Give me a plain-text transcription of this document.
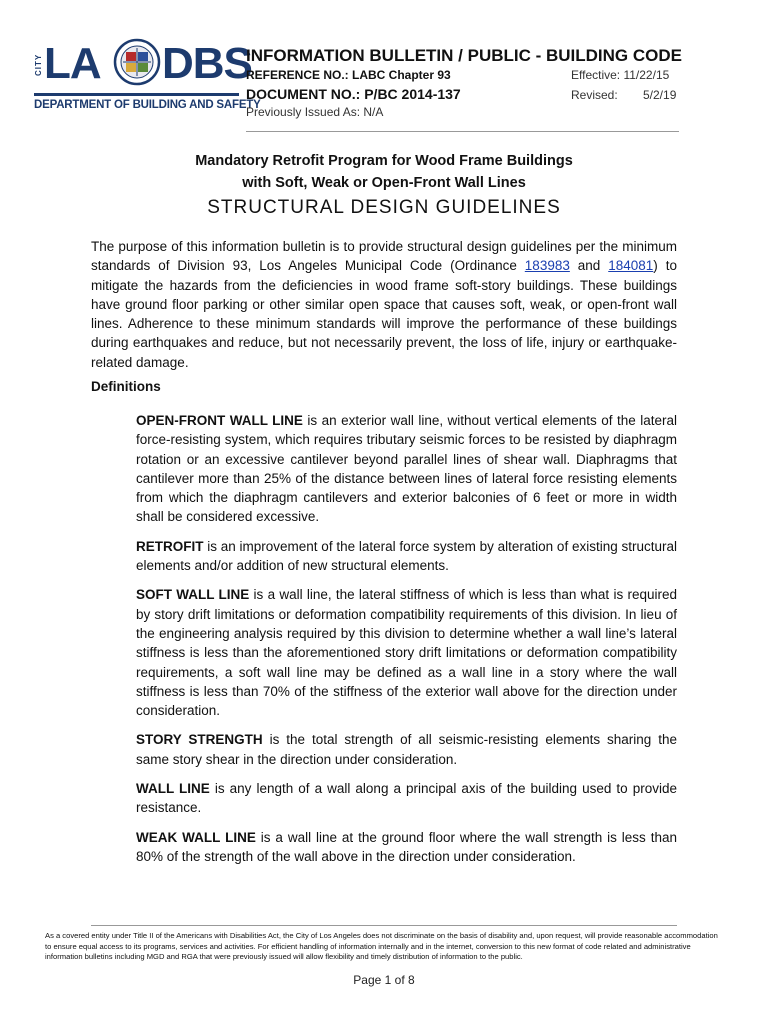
CITY LA DBS
DEPARTMENT OF BUILDING AND SAFETY
INFORMATION BULLETIN / PUBLIC - BUILDING CODE
REFERENCE NO.: LABC Chapter 93
DOCUMENT NO.: P/BC 2014-137
Previously Issued As: N/A
Effective: 11/22/15
Revised: 5/2/19
Mandatory Retrofit Program for Wood Frame Buildings
with Soft, Weak or Open-Front Wall Lines
STRUCTURAL DESIGN GUIDELINES
The purpose of this information bulletin is to provide structural design guidelines per the minimum standards of Division 93, Los Angeles Municipal Code (Ordinance 183983 and 184081) to mitigate the hazards from the deficiencies in wood frame soft-story buildings. These buildings have ground floor parking or other similar open space that causes soft, weak, or open-front wall lines. Adherence to these minimum standards will improve the performance of these buildings during earthquakes and reduce, but not necessarily prevent, the loss of life, injury or earthquake-related damage.
Definitions

OPEN-FRONT WALL LINE is an exterior wall line, without vertical elements of the lateral force-resisting system, which requires tributary seismic forces to be resisted by diaphragm rotation or an excessive cantilever beyond parallel lines of shear wall. Diaphragms that cantilever more than 25% of the distance between lines of lateral force resisting elements from which the diaphragm cantilevers and exterior balconies of 6 feet or more in width shall be considered excessive.

RETROFIT is an improvement of the lateral force system by alteration of existing structural elements and/or addition of new structural elements.

SOFT WALL LINE is a wall line, the lateral stiffness of which is less than what is required by story drift limitations or deformation compatibility requirements of this division. In lieu of the engineering analysis required by this division to determine whether a wall line’s lateral stiffness is less than the aforementioned story drift limitations or deformation compatibility requirements, a soft wall line may be defined as a wall line in a story where the wall stiffness is less than 70% of the stiffness of the exterior wall above for the direction under consideration.

STORY STRENGTH is the total strength of all seismic-resisting elements sharing the same story shear in the direction under consideration.

WALL LINE is any length of a wall along a principal axis of the building used to provide resistance.

WEAK WALL LINE is a wall line at the ground floor where the wall strength is less than 80% of the strength of the wall above in the direction under consideration.

As a covered entity under Title II of the Americans with Disabilities Act, the City of Los Angeles does not discriminate on the basis of disability and, upon request, will provide reasonable accommodation to ensure equal access to its programs, services and activities. For efficient handling of information internally and in the internet, conversion to this new format of code related and administrative information bulletins including MGD and RGA that were previously issued will allow flexibility and timely distribution of information to the public.
Page 1 of 8
